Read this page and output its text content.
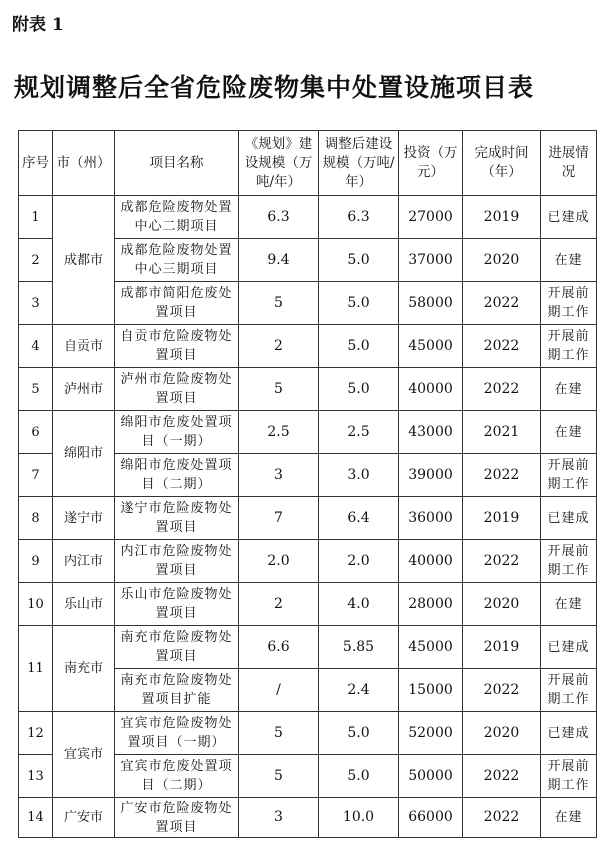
附表 1
规划调整后全省危险废物集中处置设施项目表
序号	市（州）	项目名称	《规划》建设规模（万吨/年）	调整后建设规模（万吨/年）	投资（万元）	完成时间（年）	进展情况
1	成都市	成都危险废物处置中心二期项目	6.3	6.3	27000	2019	已建成
2		成都危险废物处置中心三期项目	9.4	5.0	37000	2020	在建
3		成都市简阳危废处置项目	5	5.0	58000	2022	开展前期工作
4	自贡市	自贡市危险废物处置项目	2	5.0	45000	2022	开展前期工作
5	泸州市	泸州市危险废物处置项目	5	5.0	40000	2022	在建
6	绵阳市	绵阳市危废处置项目（一期）	2.5	2.5	43000	2021	在建
7		绵阳市危废处置项目（二期）	3	3.0	39000	2022	开展前期工作
8	遂宁市	遂宁市危险废物处置项目	7	6.4	36000	2019	已建成
9	内江市	内江市危险废物处置项目	2.0	2.0	40000	2022	开展前期工作
10	乐山市	乐山市危险废物处置项目	2	4.0	28000	2020	在建
11	南充市	南充市危险废物处置项目	6.6	5.85	45000	2019	已建成
		南充市危险废物处置项目扩能	/	2.4	15000	2022	开展前期工作
12	宜宾市	宜宾市危险废物处置项目（一期）	5	5.0	52000	2020	已建成
13		宜宾市危废处置项目（二期）	5	5.0	50000	2022	开展前期工作
14	广安市	广安市危险废物处置项目	3	10.0	66000	2022	在建
